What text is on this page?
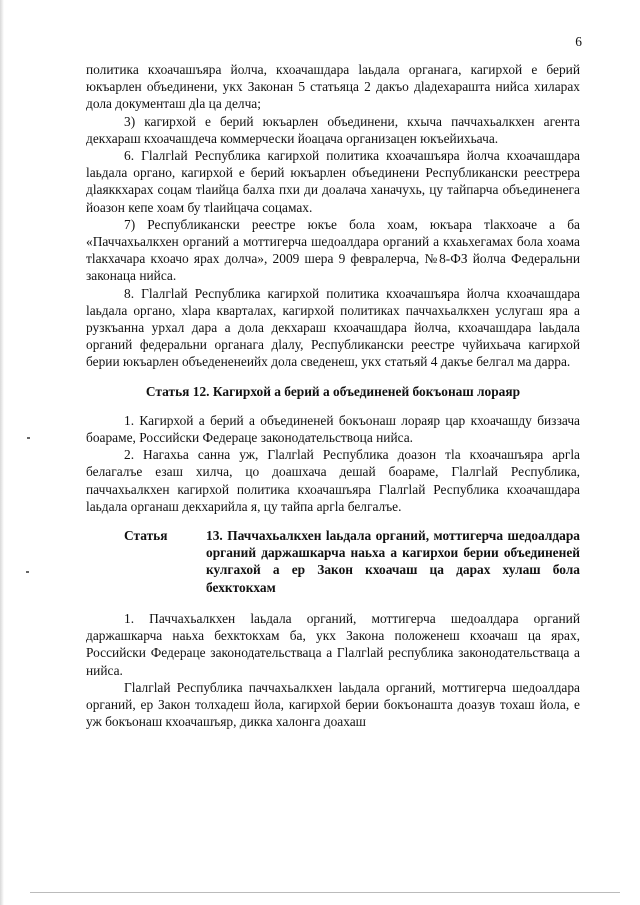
6

политика кхоачашъяра йолча, кхоачашдара lаьдала органага, кагирхой е берий юкъарлен объединени, укх Законан 5 статьяца 2 дакъо дlадехараштa нийса хиларах дола документаш дlа ца делча;

3) кагирхой е берий юкъарлен объединени, кхыча паччахьалкхен агента декхараш кхоачашдеча коммерчески йоацача организацен юкъейихьача.

6. Гlалгlай Республика кагирхой политика кхоачашъяра йолча кхоачашдара lаьдала органо, кагирхой е берий юкъарлен объединени Республикански реестрера дlаяккхарах соцам тlаийца балха пхи ди доалача ханачухь, цу тайпарча объединенега йоазон кепе хоам бу тlаийцача соцамах.

7) Республикански реестре юкъе бола хоам, юкъара тlакхоаче а ба «Паччахьалкхен органий а моттигерча шедоалдара органий а кхаьхегамах бола хоама тlакхачара кхоачо ярах долча», 2009 шера 9 февралерча, №8-ФЗ йолча Федеральни законаца нийса.

8. Гlалгlай Республика кагирхой политика кхоачашъяра йолча кхоачашдара lаьдала органо, хlара кварталах, кагирхой политиках паччахьалкхен услугаш яра а рузкъанна урхал дара а дола декхараш кхоачашдара йолча, кхоачашдара lаьдала органий федеральни органага дlалу, Республикански реестре чуйихьача кагирхой берии юкъарлен объедененеийх дола сведенеш, укх статьяй 4 дакъе белгал ма дарра.

Статья 12. Кагирхой а берий а объединеней бокъонаш лораяр

1. Кагирхой а берий а объединеней бокъонаш лораяр цар кхоачашду биззача боараме, Российски Федераце законодательствоца нийса.

2. Нагахьа санна уж, Гlалгlай Республика доазон тlа кхоачашъяра аргlа белагалъе езаш хилча, цо доашхача дешай боараме, Гlалгlай Республика, паччахьалкхен кагирхой политика кхоачашъяра Гlалгlай Республика кхоачашдара lаьдала органаш декхарийла я, цу тайпа аргlа белгалъе.

Статья	13. Паччахьалкхен lаьдала органий, моттигерча шедоалдара органий даржашкарча наьха а кагирхои берии объединеней кулгахой а ер Закон кхоачаш ца дарах хулаш бола бехктокхам

1. Паччахьалкхен lаьдала органий, моттигерча шедоалдара органий даржашкарча наьха бехктокхам ба, укх Закона положенеш кхоачаш ца ярах, Российски Федераце законодательствацa а Гlалгlай республика законодательствацa а нийса.

Гlалгlай Республика паччахьалкхен lаьдала органий, моттигерча шедоалдара органий, ер Закон толхадеш йола, кагирхой берии бокъонашта доазув тохаш йола, е уж бокъонаш кхоачашъяр, дикка халонга доахаш
